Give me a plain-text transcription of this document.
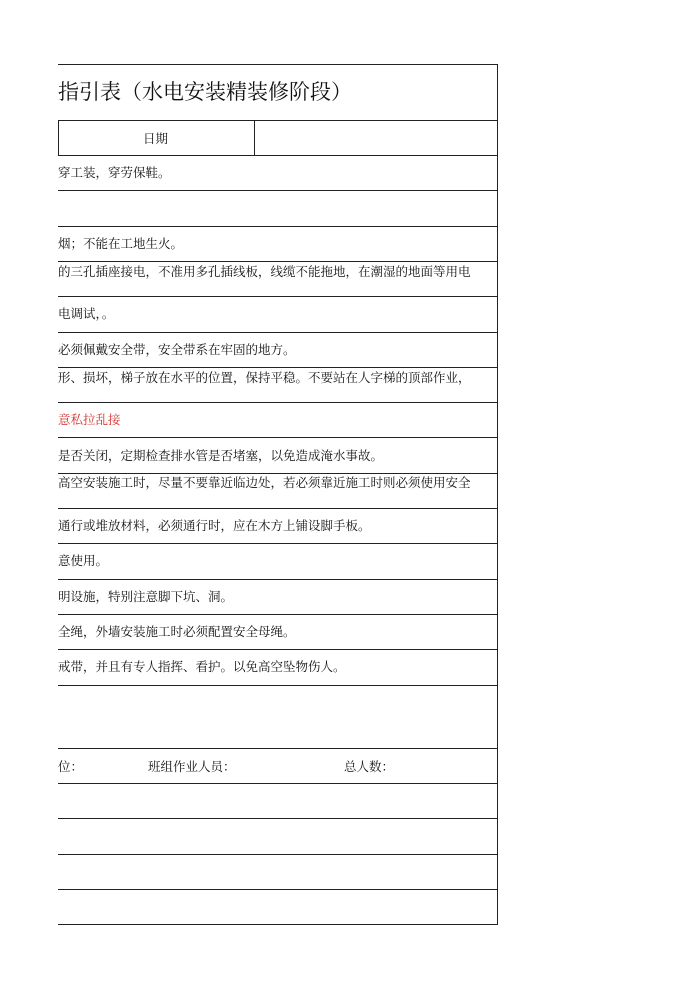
指引表（水电安装精装修阶段）
日期
穿工装，穿劳保鞋。
烟；不能在工地生火。
的三孔插座接电，不准用多孔插线板，线缆不能拖地，在潮湿的地面等用电
电调试，。
必须佩戴安全带，安全带系在牢固的地方。
形、损坏，梯子放在水平的位置，保持平稳。不要站在人字梯的顶部作业，
意私拉乱接
是否关闭，定期检查排水管是否堵塞，以免造成淹水事故。
高空安装施工时，尽量不要靠近临边处，若必须靠近施工时则必须使用安全
通行或堆放材料，必须通行时，应在木方上铺设脚手板。
意使用。
明设施，特别注意脚下坑、洞。
全绳，外墙安装施工时必须配置安全母绳。
戒带，并且有专人指挥、看护。以免高空坠物伤人。
位：	班组作业人员：	总人数：
